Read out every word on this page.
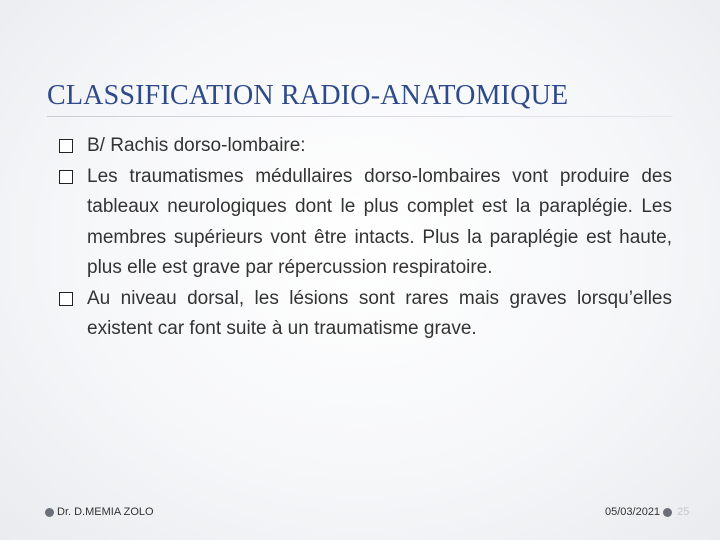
CLASSIFICATION RADIO-ANATOMIQUE

B/ Rachis dorso-lombaire:

Les traumatismes médullaires dorso-lombaires vont produire des tableaux neurologiques dont le plus complet est la paraplégie. Les membres supérieurs vont être intacts. Plus la paraplégie est haute, plus elle est grave par répercussion respiratoire.

Au niveau dorsal, les lésions sont rares mais graves lorsqu’elles existent car font suite à un traumatisme grave.

Dr. D.MEMIA ZOLO	05/03/2021 25
